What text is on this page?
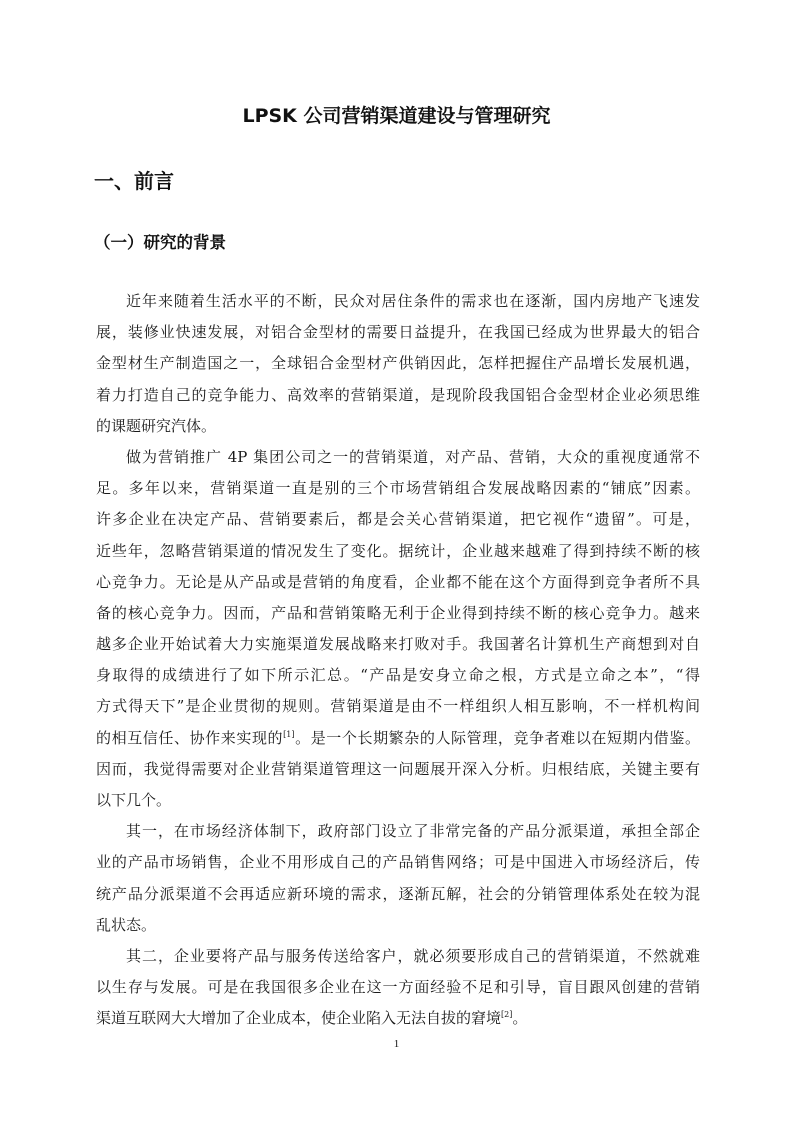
LPSK 公司营销渠道建设与管理研究
一、前言
（一）研究的背景
近年来随着生活水平的不断，民众对居住条件的需求也在逐渐，国内房地产飞速发
展，装修业快速发展，对铝合金型材的需要日益提升，在我国已经成为世界最大的铝合
金型材生产制造国之一，全球铝合金型材产供销因此，怎样把握住产品增长发展机遇，
着力打造自己的竞争能力、高效率的营销渠道，是现阶段我国铝合金型材企业必须思维
的课题研究汽体。
做为营销推广 4P 集团公司之一的营销渠道，对产品、营销，大众的重视度通常不
足。多年以来，营销渠道一直是别的三个市场营销组合发展战略因素的“铺底”因素。
许多企业在决定产品、营销要素后，都是会关心营销渠道，把它视作“遗留”。可是，
近些年，忽略营销渠道的情况发生了变化。据统计，企业越来越难了得到持续不断的核
心竞争力。无论是从产品或是营销的角度看，企业都不能在这个方面得到竞争者所不具
备的核心竞争力。因而，产品和营销策略无利于企业得到持续不断的核心竞争力。越来
越多企业开始试着大力实施渠道发展战略来打败对手。我国著名计算机生产商想到对自
身取得的成绩进行了如下所示汇总。“产品是安身立命之根，方式是立命之本”，“得
方式得天下”是企业贯彻的规则。营销渠道是由不一样组织人相互影响，不一样机构间
的相互信任、协作来实现的[1]。是一个长期繁杂的人际管理，竞争者难以在短期内借鉴。
因而，我觉得需要对企业营销渠道管理这一问题展开深入分析。归根结底，关键主要有
以下几个。
其一，在市场经济体制下，政府部门设立了非常完备的产品分派渠道，承担全部企
业的产品市场销售，企业不用形成自己的产品销售网络；可是中国进入市场经济后，传
统产品分派渠道不会再适应新环境的需求，逐渐瓦解，社会的分销管理体系处在较为混
乱状态。
其二，企业要将产品与服务传送给客户，就必须要形成自己的营销渠道，不然就难
以生存与发展。可是在我国很多企业在这一方面经验不足和引导，盲目跟风创建的营销
渠道互联网大大增加了企业成本，使企业陷入无法自拔的窘境[2]。
1
